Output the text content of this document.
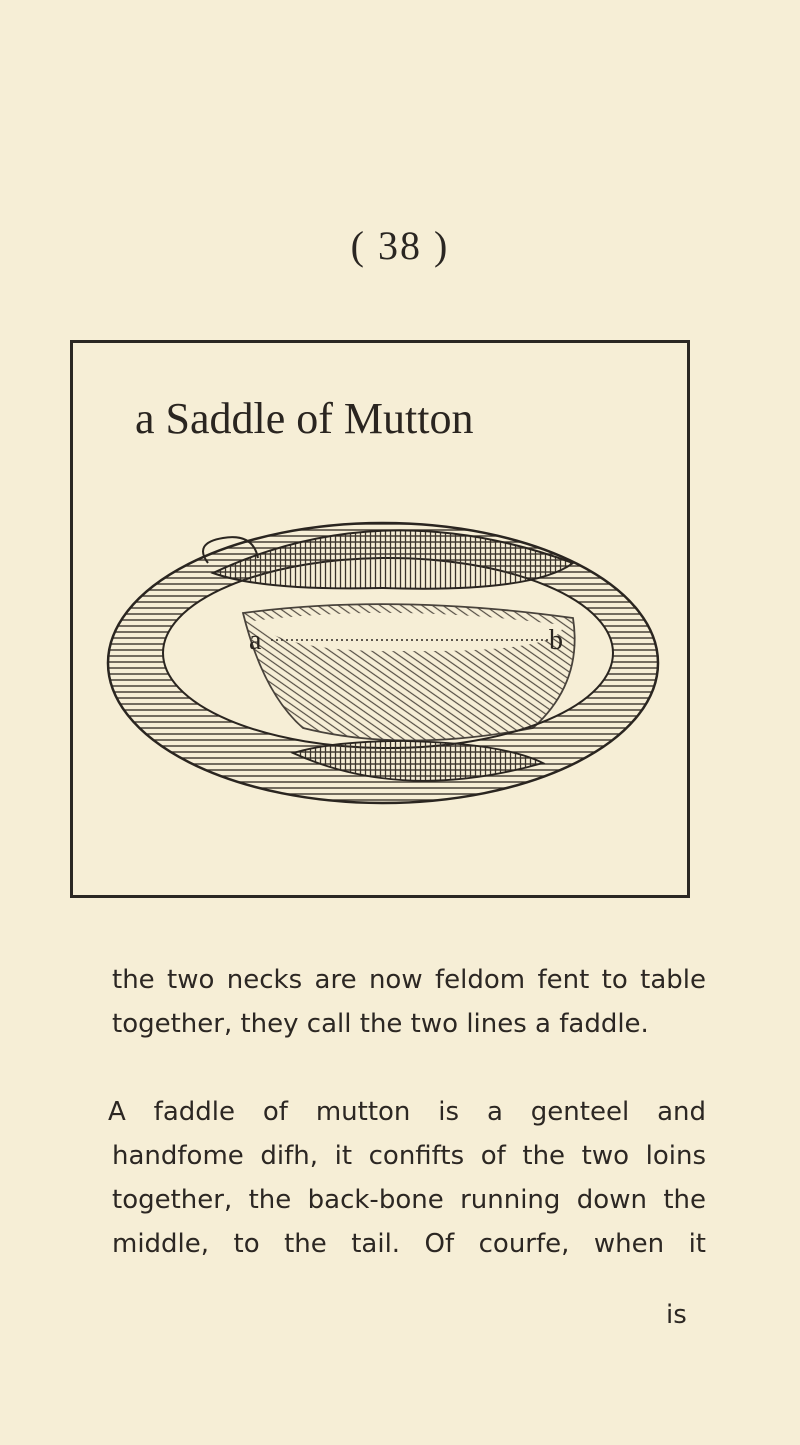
( 38 )
a Saddle of Mutton
a	b
the two necks are now feldom fent to table
together, they call the two lines a faddle.
A faddle of mutton is a genteel and
handfome difh, it confifts of the two loins
together, the back-bone running down the
middle, to the tail. Of courfe, when it
is
